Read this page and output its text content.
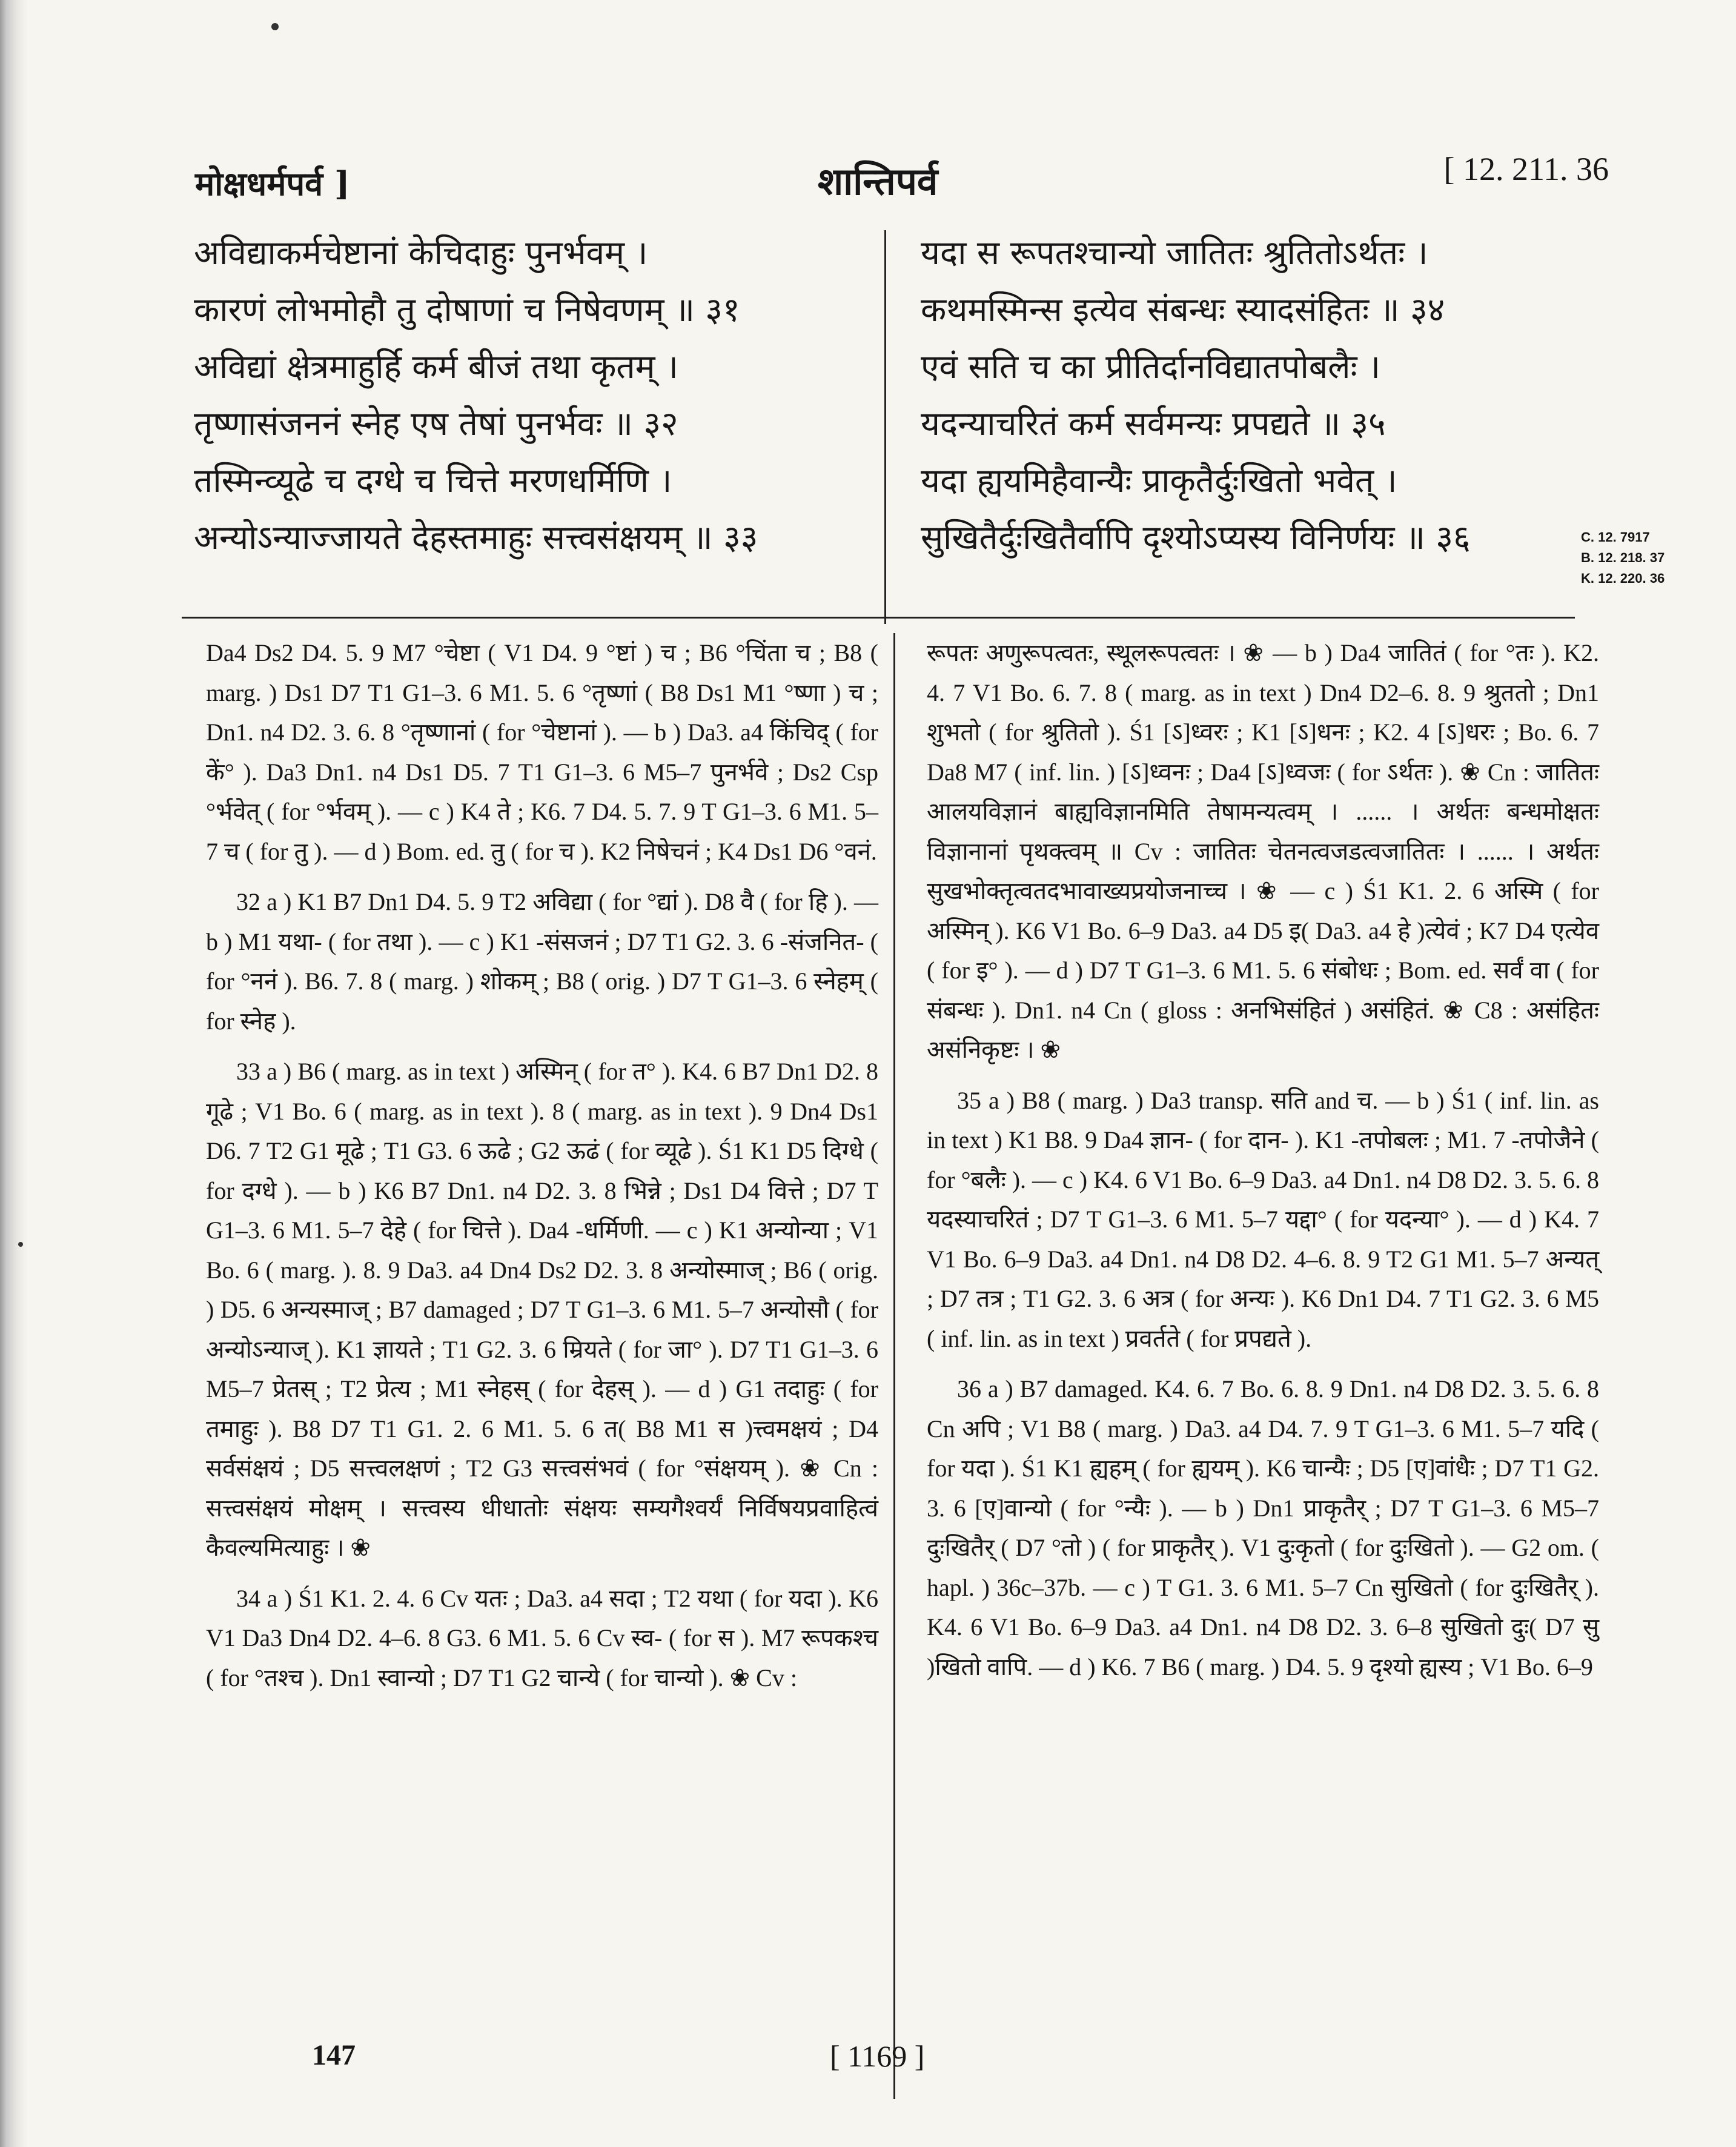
मोक्षधर्मपर्व ]	शान्तिपर्व	[ 12. 211. 36
अविद्याकर्मचेष्टानां केचिदाहुः पुनर्भवम् ।
कारणं लोभमोहौ तु दोषाणां च निषेवणम् ॥ ३१
अविद्यां क्षेत्रमाहुर्हि कर्म बीजं तथा कृतम् ।
तृष्णासंजननं स्नेह एष तेषां पुनर्भवः ॥ ३२
तस्मिन्व्यूढे च दग्धे च चित्ते मरणधर्मिणि ।
अन्योऽन्याज्जायते देहस्तमाहुः सत्त्वसंक्षयम् ॥ ३३
यदा स रूपतश्चान्यो जातितः श्रुतितोऽर्थतः ।
कथमस्मिन्स इत्येव संबन्धः स्यादसंहितः ॥ ३४
एवं सति च का प्रीतिर्दानविद्यातपोबलैः ।
यदन्याचरितं कर्म सर्वमन्यः प्रपद्यते ॥ ३५
यदा ह्ययमिहैवान्यैः प्राकृतैर्दुःखितो भवेत् ।
सुखितैर्दुःखितैर्वापि दृश्योऽप्यस्य विनिर्णयः ॥ ३६	C. 12. 7917
B. 12. 218. 37
K. 12. 220. 36

Da4 Ds2 D4. 5. 9 M7 °चेष्टा ( V1 D4. 9 °ष्टां ) च ; B6 °चिंता च ; B8 ( marg. ) Ds1 D7 T1 G1–3. 6 M1. 5. 6 °तृष्णां ( B8 Ds1 M1 °ष्णा ) च ; Dn1. n4 D2. 3. 6. 8 °तृष्णानां ( for °चेष्टानां ). — b ) Da3. a4 किंचिद् ( for कें° ). Da3 Dn1. n4 Ds1 D5. 7 T1 G1–3. 6 M5–7 पुनर्भवे ; Ds2 Csp °र्भवेत् ( for °र्भवम् ). — c ) K4 ते ; K6. 7 D4. 5. 7. 9 T G1–3. 6 M1. 5–7 च ( for तु ). — d ) Bom. ed. तु ( for च ). K2 निषेचनं ; K4 Ds1 D6 °वनं.

32 a ) K1 B7 Dn1 D4. 5. 9 T2 अविद्या ( for °द्यां ). D8 वै ( for हि ). — b ) M1 यथा- ( for तथा ). — c ) K1 -संसजनं ; D7 T1 G2. 3. 6 -संजनित- ( for °ननं ). B6. 7. 8 ( marg. ) शोकम् ; B8 ( orig. ) D7 T G1–3. 6 स्नेहम् ( for स्नेह ).

33 a ) B6 ( marg. as in text ) अस्मिन् ( for त° ). K4. 6 B7 Dn1 D2. 8 गूढे ; V1 Bo. 6 ( marg. as in text ). 8 ( marg. as in text ). 9 Dn4 Ds1 D6. 7 T2 G1 मूढे ; T1 G3. 6 ऊढे ; G2 ऊढं ( for व्यूढे ). Ś1 K1 D5 दिग्धे ( for दग्धे ). — b ) K6 B7 Dn1. n4 D2. 3. 8 भिन्ने ; Ds1 D4 वित्ते ; D7 T G1–3. 6 M1. 5–7 देहे ( for चित्ते ). Da4 -धर्मिणी. — c ) K1 अन्योन्या ; V1 Bo. 6 ( marg. ). 8. 9 Da3. a4 Dn4 Ds2 D2. 3. 8 अन्योस्माज् ; B6 ( orig. ) D5. 6 अन्यस्माज् ; B7 damaged ; D7 T G1–3. 6 M1. 5–7 अन्योसौ ( for अन्योऽन्याज् ). K1 ज्ञायते ; T1 G2. 3. 6 म्रियते ( for जा° ). D7 T1 G1–3. 6 M5–7 प्रेतस् ; T2 प्रेत्य ; M1 स्नेहस् ( for देहस् ). — d ) G1 तदाहुः ( for तमाहुः ). B8 D7 T1 G1. 2. 6 M1. 5. 6 त( B8 M1 स )त्त्वमक्षयं ; D4 सर्वसंक्षयं ; D5 सत्त्वलक्षणं ; T2 G3 सत्त्वसंभवं ( for °संक्षयम् ). ❀ Cn : सत्त्वसंक्षयं मोक्षम् । सत्त्वस्य धीधातोः संक्षयः सम्यगैश्वर्यं निर्विषयप्रवाहित्वं कैवल्यमित्याहुः । ❀

34 a ) Ś1 K1. 2. 4. 6 Cv यतः ; Da3. a4 सदा ; T2 यथा ( for यदा ). K6 V1 Da3 Dn4 D2. 4–6. 8 G3. 6 M1. 5. 6 Cv स्व- ( for स ). M7 रूपकश्च ( for °तश्च ). Dn1 स्वान्यो ; D7 T1 G2 चान्ये ( for चान्यो ). ❀ Cv :

रूपतः अणुरूपत्वतः, स्थूलरूपत्वतः । ❀ — b ) Da4 जातितं ( for °तः ). K2. 4. 7 V1 Bo. 6. 7. 8 ( marg. as in text ) Dn4 D2–6. 8. 9 श्रुततो ; Dn1 शुभतो ( for श्रुतितो ). Ś1 [ऽ]ध्वरः ; K1 [ऽ]धनः ; K2. 4 [ऽ]धरः ; Bo. 6. 7 Da8 M7 ( inf. lin. ) [ऽ]ध्वनः ; Da4 [ऽ]ध्वजः ( for ऽर्थतः ). ❀ Cn : जातितः आलयविज्ञानं बाह्यविज्ञानमिति तेषामन्यत्वम् । ...... । अर्थतः बन्धमोक्षतः विज्ञानानां पृथक्त्वम् ॥ Cv : जातितः चेतनत्वजडत्वजातितः । ...... । अर्थतः सुखभोक्तृत्वतदभावाख्यप्रयोजनाच्च । ❀ — c ) Ś1 K1. 2. 6 अस्मि ( for अस्मिन् ). K6 V1 Bo. 6–9 Da3. a4 D5 इ( Da3. a4 हे )त्येवं ; K7 D4 एत्येव ( for इ° ). — d ) D7 T G1–3. 6 M1. 5. 6 संबोधः ; Bom. ed. सर्वं वा ( for संबन्धः ). Dn1. n4 Cn ( gloss : अनभिसंहितं ) असंहितं. ❀ C8 : असंहितः असंनिकृष्टः । ❀

35 a ) B8 ( marg. ) Da3 transp. सति and च. — b ) Ś1 ( inf. lin. as in text ) K1 B8. 9 Da4 ज्ञान- ( for दान- ). K1 -तपोबलः ; M1. 7 -तपोजैने ( for °बलैः ). — c ) K4. 6 V1 Bo. 6–9 Da3. a4 Dn1. n4 D8 D2. 3. 5. 6. 8 यदस्याचरितं ; D7 T G1–3. 6 M1. 5–7 यद्दा° ( for यदन्या° ). — d ) K4. 7 V1 Bo. 6–9 Da3. a4 Dn1. n4 D8 D2. 4–6. 8. 9 T2 G1 M1. 5–7 अन्यत् ; D7 तत्र ; T1 G2. 3. 6 अत्र ( for अन्यः ). K6 Dn1 D4. 7 T1 G2. 3. 6 M5 ( inf. lin. as in text ) प्रवर्तते ( for प्रपद्यते ).

36 a ) B7 damaged. K4. 6. 7 Bo. 6. 8. 9 Dn1. n4 D8 D2. 3. 5. 6. 8 Cn अपि ; V1 B8 ( marg. ) Da3. a4 D4. 7. 9 T G1–3. 6 M1. 5–7 यदि ( for यदा ). Ś1 K1 ह्यहम् ( for ह्ययम् ). K6 चान्यैः ; D5 [ए]वांधैः ; D7 T1 G2. 3. 6 [ए]वान्यो ( for °न्यैः ). — b ) Dn1 प्राकृतैर् ; D7 T G1–3. 6 M5–7 दुःखितैर् ( D7 °तो ) ( for प्राकृतैर् ). V1 दुःकृतो ( for दुःखितो ). — G2 om. ( hapl. ) 36c–37b. — c ) T G1. 3. 6 M1. 5–7 Cn सुखितो ( for दुःखितैर् ). K4. 6 V1 Bo. 6–9 Da3. a4 Dn1. n4 D8 D2. 3. 6–8 सुखितो दुः( D7 सु )खितो वापि. — d ) K6. 7 B6 ( marg. ) D4. 5. 9 दृश्यो ह्यस्य ; V1 Bo. 6–9

147	[ 1169 ]
